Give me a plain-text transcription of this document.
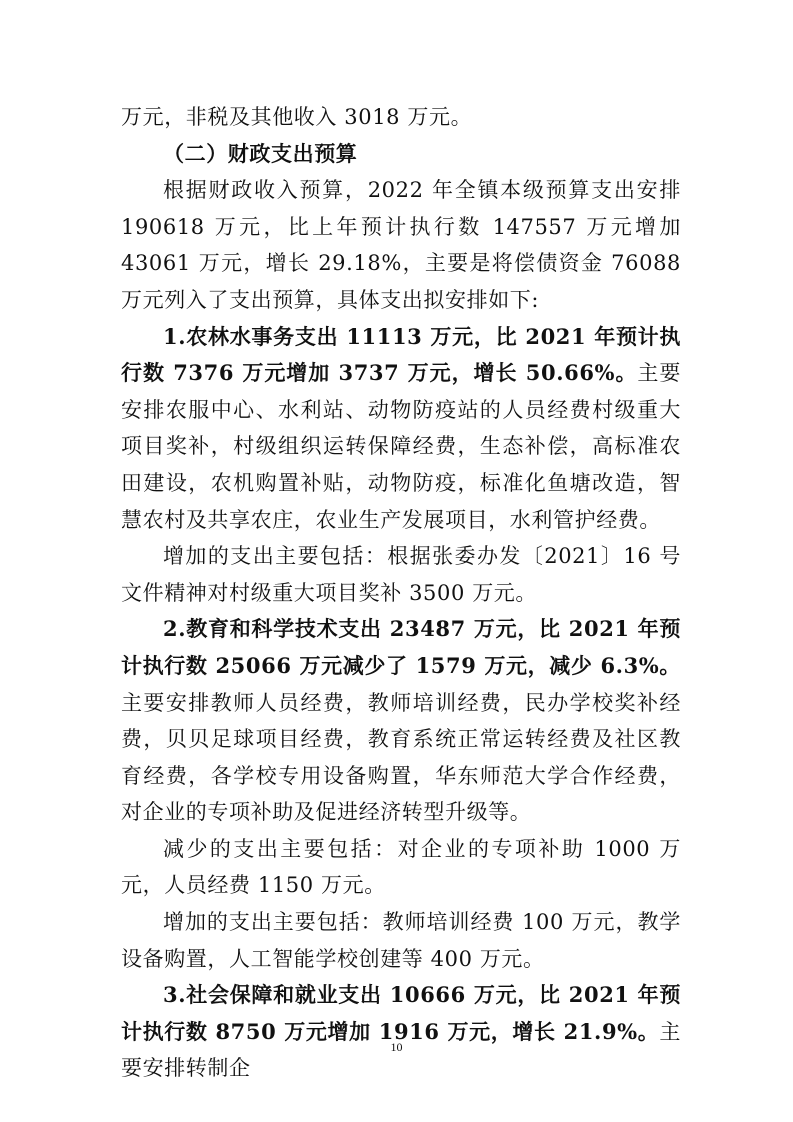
万元，非税及其他收入 3018 万元。

（二）财政支出预算

根据财政收入预算，2022 年全镇本级预算支出安排 190618 万元，比上年预计执行数 147557 万元增加 43061 万元，增长 29.18%，主要是将偿债资金 76088 万元列入了支出预算，具体支出拟安排如下:

1.农林水事务支出 11113 万元，比 2021 年预计执行数 7376 万元增加 3737 万元，增长 50.66%。主要安排农服中心、水利站、动物防疫站的人员经费村级重大项目奖补，村级组织运转保障经费，生态补偿，高标准农田建设，农机购置补贴，动物防疫，标准化鱼塘改造，智慧农村及共享农庄，农业生产发展项目，水利管护经费。

增加的支出主要包括：根据张委办发〔2021〕16 号文件精神对村级重大项目奖补 3500 万元。

2.教育和科学技术支出 23487 万元，比 2021 年预计执行数 25066 万元减少了 1579 万元，减少 6.3%。主要安排教师人员经费，教师培训经费，民办学校奖补经费，贝贝足球项目经费，教育系统正常运转经费及社区教育经费，各学校专用设备购置，华东师范大学合作经费，对企业的专项补助及促进经济转型升级等。

减少的支出主要包括：对企业的专项补助 1000 万元，人员经费 1150 万元。

增加的支出主要包括：教师培训经费 100 万元，教学设备购置，人工智能学校创建等 400 万元。

3.社会保障和就业支出 10666 万元，比 2021 年预计执行数 8750 万元增加 1916 万元，增长 21.9%。主要安排转制企

10
